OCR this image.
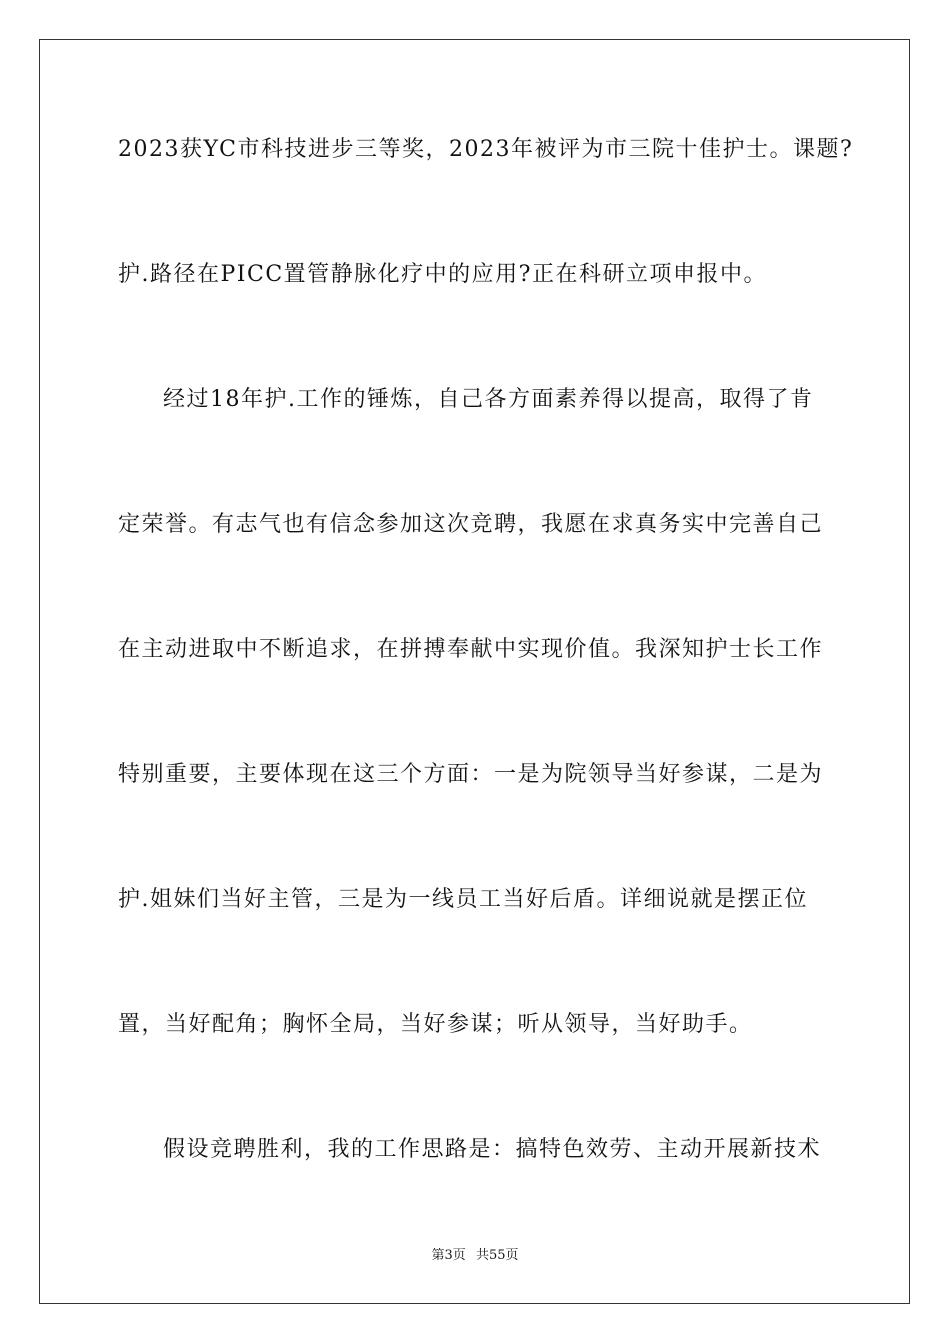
2023获YC市科技进步三等奖，2023年被评为市三院十佳护士。课题?
护.路径在PICC置管静脉化疗中的应用?正在科研立项申报中。
经过18年护.工作的锤炼，自己各方面素养得以提高，取得了肯
定荣誉。有志气也有信念参加这次竞聘，我愿在求真务实中完善自己
在主动进取中不断追求，在拼搏奉献中实现价值。我深知护士长工作
特别重要，主要体现在这三个方面：一是为院领导当好参谋，二是为
护.姐妹们当好主管，三是为一线员工当好后盾。详细说就是摆正位
置，当好配角；胸怀全局，当好参谋；听从领导，当好助手。
假设竞聘胜利，我的工作思路是：搞特色效劳、主动开展新技术
第3页 共55页
